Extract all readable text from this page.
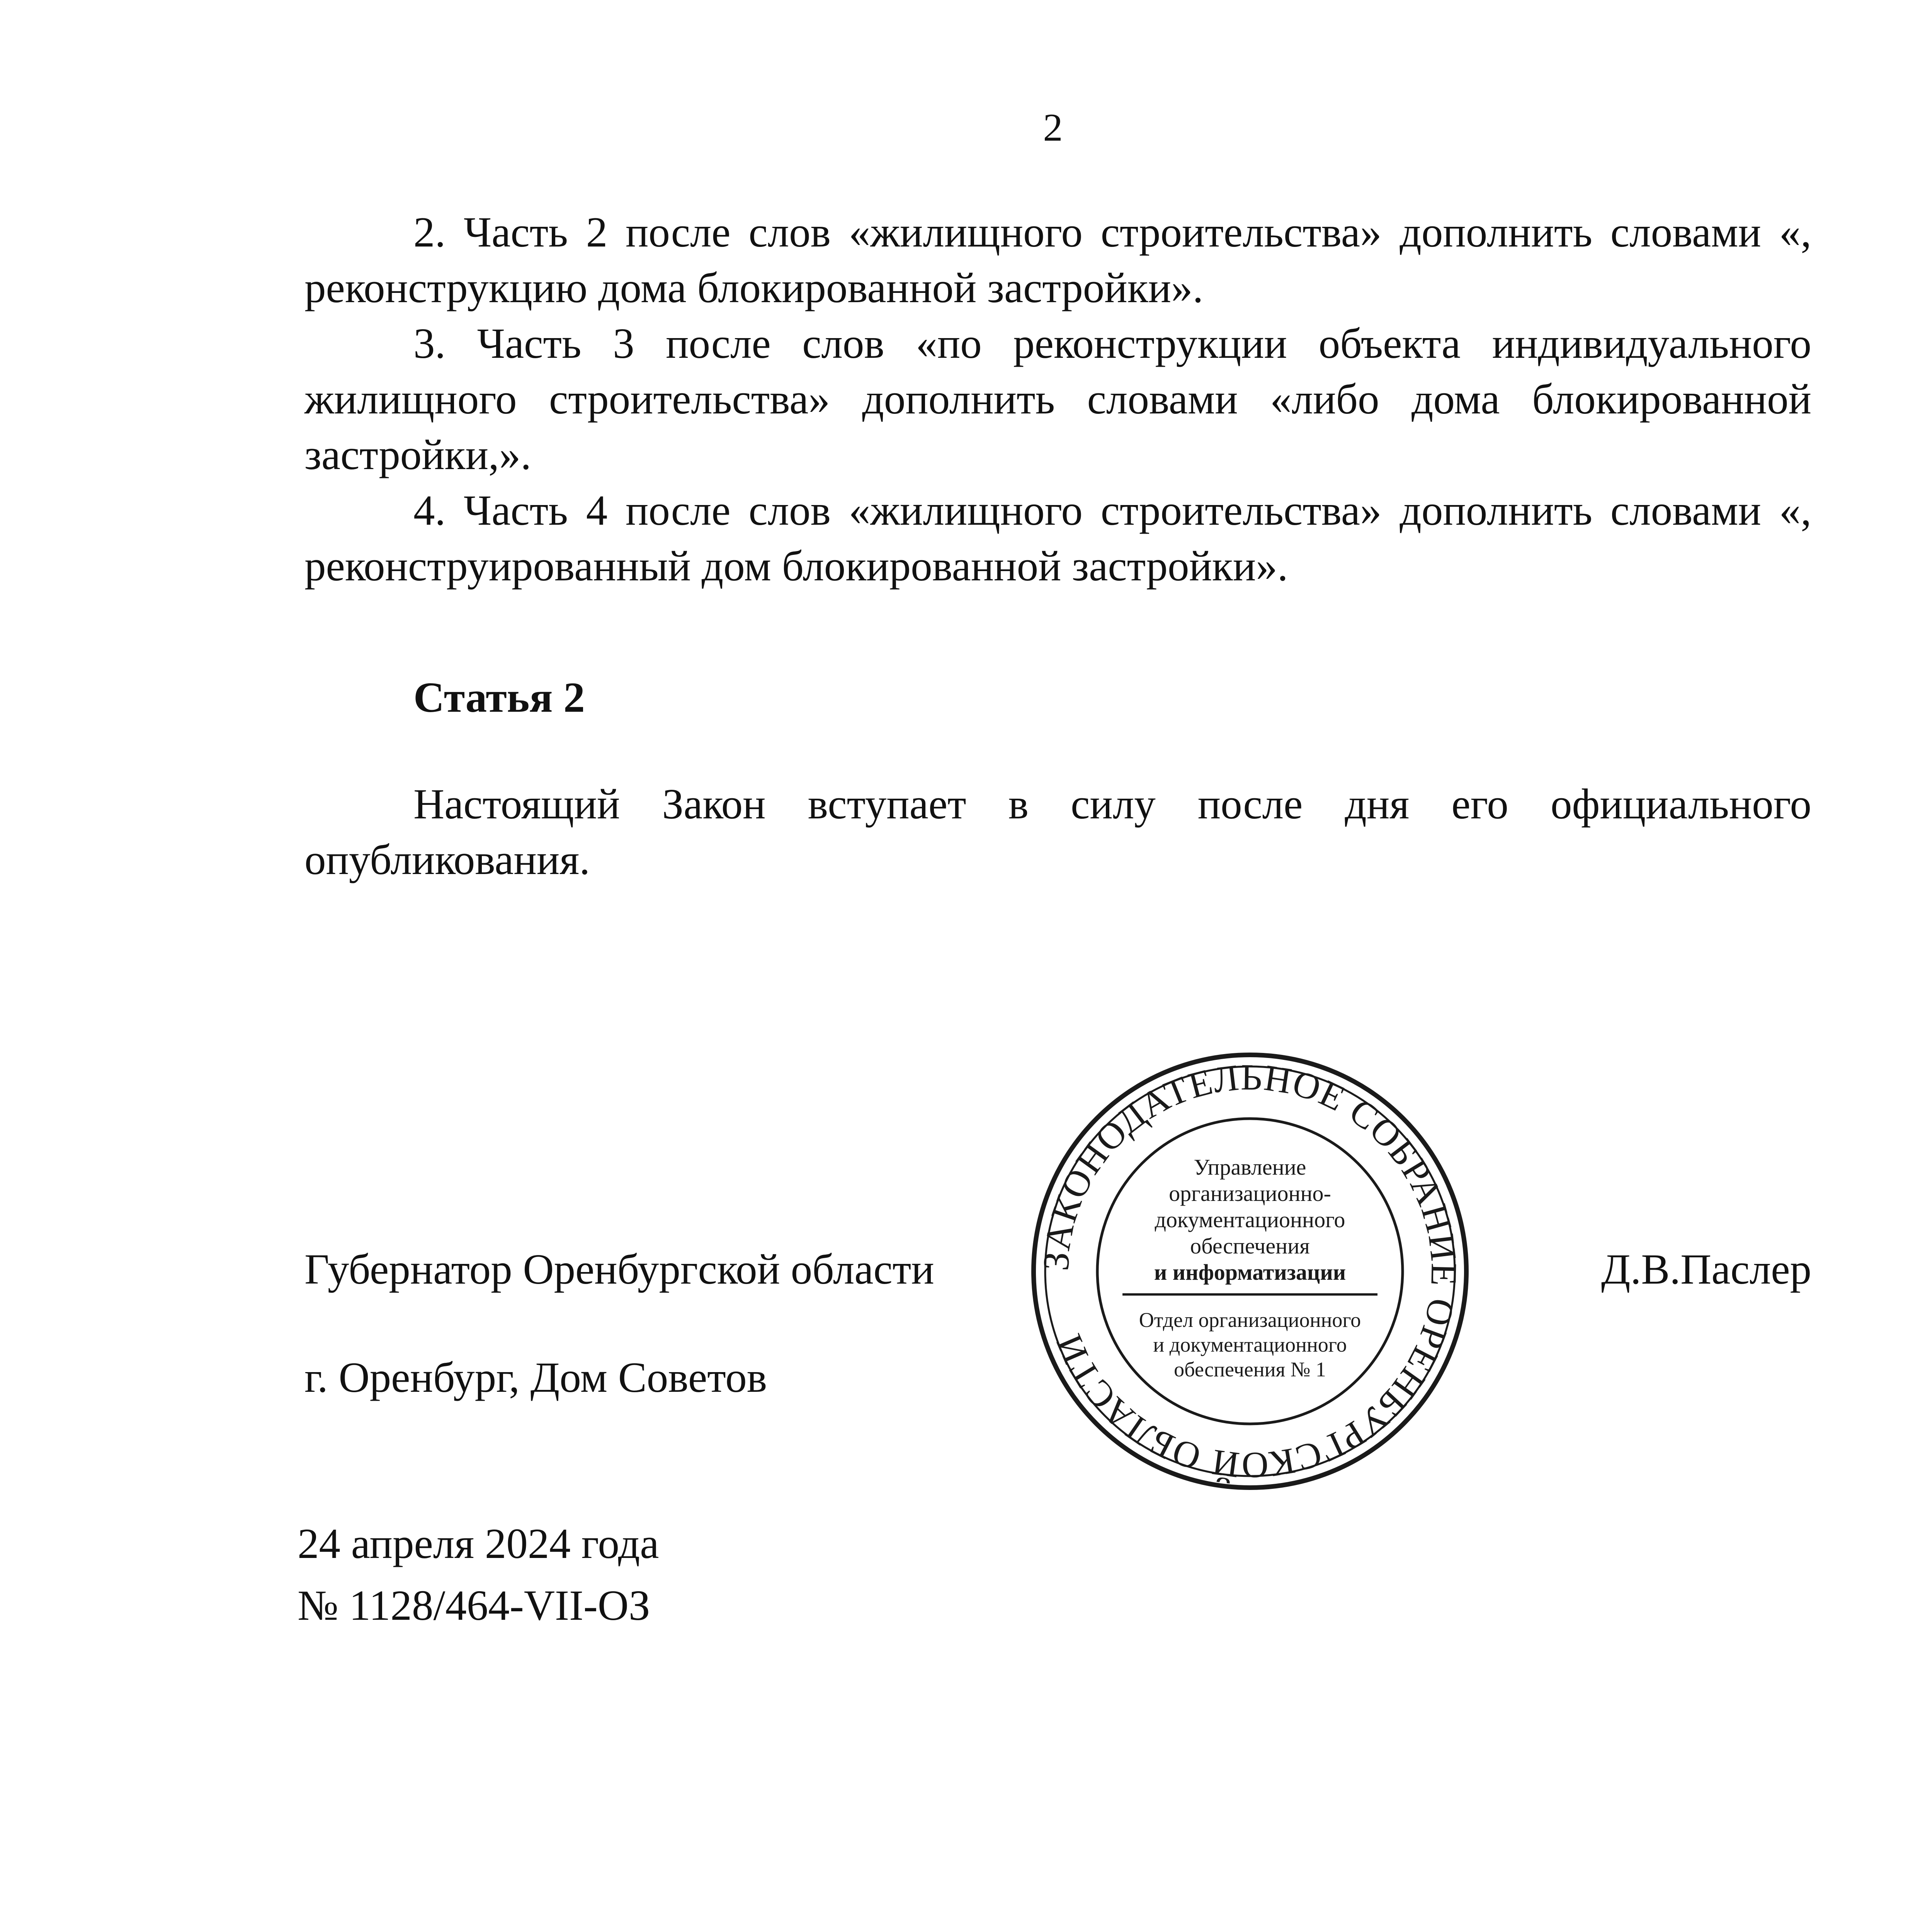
2

2. Часть 2 после слов «жилищного строительства» дополнить словами «, реконструкцию дома блокированной застройки».

3. Часть 3 после слов «по реконструкции объекта индивидуального жилищного строительства» дополнить словами «либо дома блокированной застройки,».

4. Часть 4 после слов «жилищного строительства» дополнить словами «, реконструированный дом блокированной застройки».

Статья 2

Настоящий Закон вступает в силу после дня его официального опубликования.

Губернатор Оренбургской области	Д.В.Паслер
г. Оренбург, Дом Советов
24 апреля 2024 года
№ 1128/464-VII-ОЗ
ЗАКОНОДАТЕЛЬНОЕ СОБРАНИЕ ОРЕНБУРГСКОЙ ОБЛАСТИ
Управление
организационно-
документационного
обеспечения
и информатизации
Отдел организационного
и документационного
обеспечения № 1
